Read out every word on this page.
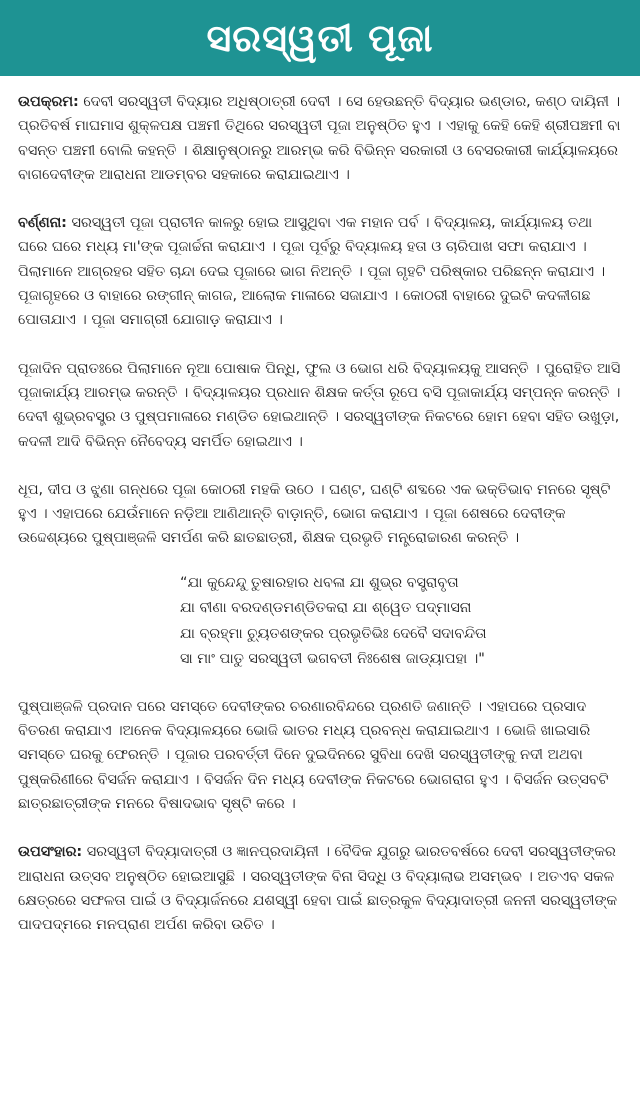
ସରସ୍ୱତୀ ପୂଜା

ଉପକ୍ରମ: ଦେବୀ ସରସ୍ୱତୀ ବିଦ୍ୟାର ଅଧିଷ୍ଠାତ୍ରୀ ଦେବୀ । ସେ ହେଉଛନ୍ତି ବିଦ୍ୟାର ଭଣ୍ଡାର, କଣ୍ଠ ଦାୟିନୀ । ପ୍ରତିବର୍ଷ ମାଘମାସ ଶୁକ୍ଳପକ୍ଷ ପଞ୍ଚମୀ ତିଥିରେ ସରସ୍ୱତୀ ପୂଜା ଅନୁଷ୍ଠିତ ହୁଏ । ଏହାକୁ କେହି କେହି ଶ୍ରୀପଞ୍ଚମୀ ବା ବସନ୍ତ ପଞ୍ଚମୀ ବୋଲି କହନ୍ତି । ଶିକ୍ଷାନୁଷ୍ଠାନରୁ ଆରମ୍ଭ କରି ବିଭିନ୍ନ ସରକାରୀ ଓ ବେସରକାରୀ କାର୍ଯ୍ୟାଳୟରେ ବାଗଦେବୀଙ୍କ ଆରାଧନା ଆଡମ୍ବର ସହକାରେ କରାଯାଇଥାଏ ।

ବର୍ଣ୍ଣନା: ସରସ୍ୱତୀ ପୂଜା ପ୍ରାଚୀନ କାଳରୁ ହୋଇ ଆସୁଥିବା ଏକ ମହାନ ପର୍ବ । ବିଦ୍ୟାଳୟ, କାର୍ଯ୍ୟାଳୟ ତଥା ଘରେ ଘରେ ମଧ୍ୟ ମା'ଙ୍କ ପୂଜାର୍ଚ୍ଚନା କରାଯାଏ । ପୂଜା ପୂର୍ବରୁ ବିଦ୍ୟାଳୟ ହତା ଓ ଚାରିପାଖ ସଫା କରାଯାଏ । ପିଲାମାନେ ଆଗ୍ରହର ସହିତ ଚାନ୍ଦା ଦେଇ ପୂଜାରେ ଭାଗ ନିଅନ୍ତି । ପୂଜା ଗୃହଟି ପରିଷ୍କାର ପରିଛନ୍ନ କରାଯାଏ । ପୂଜାଗୃହରେ ଓ ବାହାରେ ରଙ୍ଗୀନ୍ କାଗଜ, ଆଲୋକ ମାଳାରେ ସଜାଯାଏ । କୋଠରୀ ବାହାରେ ଦୁଇଟି କଦଳୀଗଛ ପୋତାଯାଏ । ପୂଜା ସମାଗ୍ରୀ ଯୋଗାଡ଼ କରାଯାଏ ।

ପୂଜାଦିନ ପ୍ରାତଃରେ ପିଲାମାନେ ନୂଆ ପୋଷାକ ପିନ୍ଧି, ଫୁଲ ଓ ଭୋଗ ଧରି ବିଦ୍ୟାଳୟକୁ ଆସନ୍ତି । ପୁରୋହିତ ଆସି ପୂଜାକାର୍ଯ୍ୟ ଆରମ୍ଭ କରନ୍ତି । ବିଦ୍ୟାଳୟର ପ୍ରଧାନ ଶିକ୍ଷକ କର୍ତ୍ତା ରୂପେ ବସି ପୂଜାକାର୍ଯ୍ୟ ସମ୍ପନ୍ନ କରନ୍ତି । ଦେବୀ ଶୁଭ୍ରବସ୍ତ୍ର ଓ ପୁଷ୍ପମାଳାରେ ମଣ୍ଡିତ ହୋଇଥାନ୍ତି । ସରସ୍ୱତୀଙ୍କ ନିକଟରେ ହୋମ ହେବା ସହିତ ଉଖୁଡ଼ା, କଦଳୀ ଆଦି ବିଭିନ୍ନ ନୈବେଦ୍ୟ ସମର୍ପିତ ହୋଇଥାଏ ।

ଧୂପ, ଦୀପ ଓ ଝୁଣା ଗନ୍ଧରେ ପୂଜା କୋଠରୀ ମହକି ଉଠେ । ଘଣ୍ଟ, ଘଣ୍ଟି ଶବ୍ଦରେ ଏକ ଭକ୍ତିଭାବ ମନରେ ସୃଷ୍ଟି ହୁଏ । ଏହାପରେ ଯେଉଁମାନେ ନଡ଼ିଆ ଆଣିଥାନ୍ତି ବାଡ଼ାନ୍ତି, ଭୋଗ କରାଯାଏ । ପୂଜା ଶେଷରେ ଦେବୀଙ୍କ ଉଦ୍ଦେଶ୍ୟରେ ପୁଷ୍ପାଞ୍ଜଳି ସମର୍ପଣ କରି ଛାତଛାତ୍ରୀ, ଶିକ୍ଷକ ପ୍ରଭୃତି ମନ୍ତ୍ରୋଚ୍ଚାରଣ କରନ୍ତି ।

“ଯା କୁନ୍ଦେନ୍ଦୁ ତୁଷାରହାର ଧବଳା ଯା ଶୁଭ୍ର ବସ୍ତ୍ରାବୃତା
ଯା ବୀଣା ବରଦଣ୍ଡମଣ୍ଡିତକରା ଯା ଶ୍ୱେତ ପଦ୍ମାସନା
ଯା ବ୍ରହ୍ମା ଚ୍ୟୁତଶଙ୍କର ପ୍ରଭୃତିଭିଃ ଦେବୈ ସଦାବନ୍ଦିତା
ସା ମାଂ ପାତୁ ସରସ୍ୱତୀ ଭଗବତୀ ନିଃଶେଷ ଜାଡ୍ୟାପହା ।"

ପୁଷ୍ପାଞ୍ଜଳି ପ୍ରଦାନ ପରେ ସମସ୍ତେ ଦେବୀଙ୍କର ଚରଣାରବିନ୍ଦରେ ପ୍ରଣତି ଜଣାନ୍ତି । ଏହାପରେ ପ୍ରସାଦ ବିତରଣ କରାଯାଏ ।ଅନେକ ବିଦ୍ୟାଳୟରେ ଭୋଜି ଭାତର ମଧ୍ୟ ପ୍ରବନ୍ଧ କରାଯାଇଥାଏ । ଭୋଜି ଖାଇସାରି ସମସ୍ତେ ଘରକୁ ଫେରନ୍ତି । ପୂଜାର ପରବର୍ତ୍ତୀ ଦିନେ ଦୁଇଦିନରେ ସୁବିଧା ଦେଖି ସରସ୍ୱତୀଙ୍କୁ ନଦୀ ଅଥବା ପୁଷ୍କରିଣୀରେ ବିସର୍ଜନ କରାଯାଏ । ବିସର୍ଜନ ଦିନ ମଧ୍ୟ ଦେବୀଙ୍କ ନିକଟରେ ଭୋଗରାଗ ହୁଏ । ବିସର୍ଜନ ଉତ୍ସବଟି ଛାତ୍ରଛାତ୍ରୀଙ୍କ ମନରେ ବିଷାଦଭାବ ସୃଷ୍ଟି କରେ ।

ଉପସଂହାର: ସରସ୍ୱତୀ ବିଦ୍ୟାଦାତ୍ରୀ ଓ ଜ୍ଞାନପ୍ରଦାୟିନୀ । ବୈଦିକ ଯୁଗରୁ ଭାରତବର୍ଷରେ ଦେବୀ ସରସ୍ୱତୀଙ୍କର ଆରାଧନା ଉତ୍ସବ ଅନୁଷ୍ଠିତ ହୋଇଆସୁଛି । ସରସ୍ୱତୀଙ୍କ ବିନା ସିଦ୍ଧି ଓ ବିଦ୍ୟାଲାଭ ଅସମ୍ଭବ । ଅତଏବ ସକଳ କ୍ଷେତ୍ରରେ ସଫଳତା ପାଇଁ ଓ ବିଦ୍ୟାର୍ଜନରେ ଯଶସ୍ୱୀ ହେବା ପାଇଁ ଛାତ୍ରକୁଳ ବିଦ୍ୟାଦାତ୍ରୀ ଜନନୀ ସରସ୍ୱତୀଙ୍କ ପାଦପଦ୍ମରେ ମନପ୍ରାଣ ଅର୍ପଣ କରିବା ଉଚିତ ।
